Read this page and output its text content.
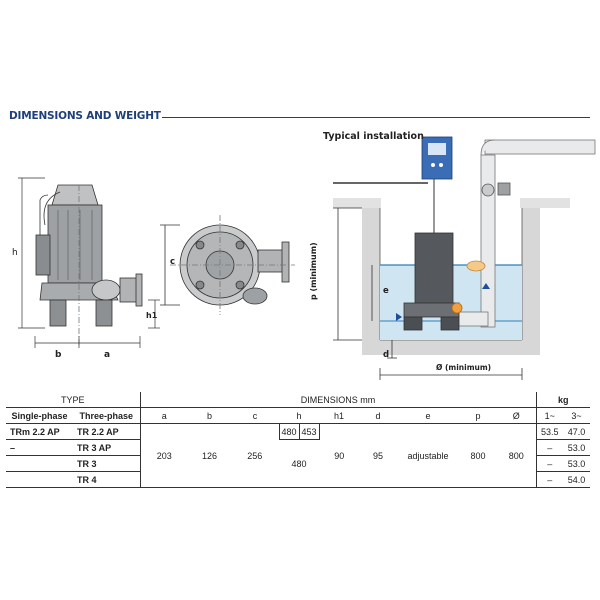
DIMENSIONS AND WEIGHT
h
b	a
h1
c	p (minimum)	e
d
Ø (minimum)
Typical installation
TYPE		DIMENSIONS mm										kg	
Single-phase	Three-phase	a	b	c	h		h1	d	e	p	Ø	1~	3~
TRm 2.2 AP	TR 2.2 AP	203	126	256	480	453	90	95	adjustable	800	800	53.5	47.0
–	TR 3 AP				480							–	53.0
	TR 3											–	53.0
	TR 4											–	54.0
